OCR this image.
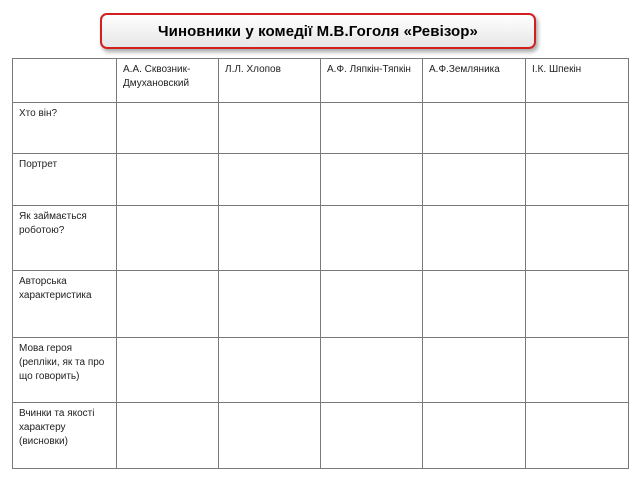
Чиновники у комедії М.В.Гоголя «Ревізор»
	А.А. Сквозник-Дмухановский	Л.Л. Хлопов	А.Ф. Ляпкін-Тяпкін	А.Ф.Земляника	І.К. Шпекін
Хто він?					
Портрет					
Як займається роботою?					
Авторська характеристика					
Мова героя (репліки, як та про що говорить)					
Вчинки та якості характеру (висновки)					
